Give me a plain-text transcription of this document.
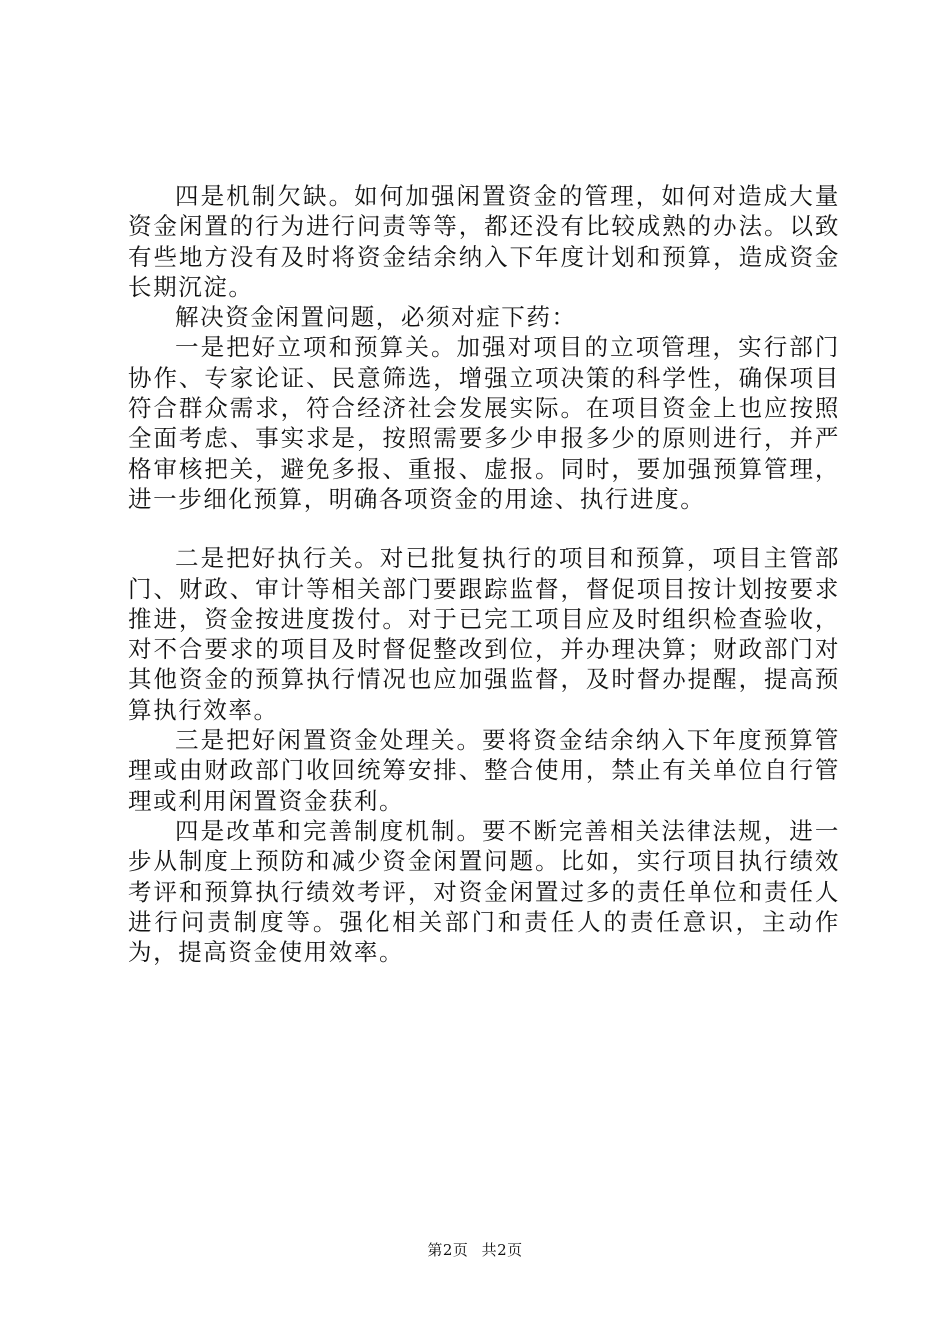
四是机制欠缺。如何加强闲置资金的管理，如何对造成大量资金闲置的行为进行问责等等，都还没有比较成熟的办法。以致有些地方没有及时将资金结余纳入下年度计划和预算，造成资金长期沉淀。

解决资金闲置问题，必须对症下药：

一是把好立项和预算关。加强对项目的立项管理，实行部门协作、专家论证、民意筛选，增强立项决策的科学性，确保项目符合群众需求，符合经济社会发展实际。在项目资金上也应按照全面考虑、事实求是，按照需要多少申报多少的原则进行，并严格审核把关，避免多报、重报、虚报。同时，要加强预算管理，进一步细化预算，明确各项资金的用途、执行进度。

二是把好执行关。对已批复执行的项目和预算，项目主管部门、财政、审计等相关部门要跟踪监督，督促项目按计划按要求推进，资金按进度拨付。对于已完工项目应及时组织检查验收，对不合要求的项目及时督促整改到位，并办理决算；财政部门对其他资金的预算执行情况也应加强监督，及时督办提醒，提高预算执行效率。

三是把好闲置资金处理关。要将资金结余纳入下年度预算管理或由财政部门收回统筹安排、整合使用，禁止有关单位自行管理或利用闲置资金获利。

四是改革和完善制度机制。要不断完善相关法律法规，进一步从制度上预防和减少资金闲置问题。比如，实行项目执行绩效考评和预算执行绩效考评，对资金闲置过多的责任单位和责任人进行问责制度等。强化相关部门和责任人的责任意识，主动作为，提高资金使用效率。

第2页 共2页
